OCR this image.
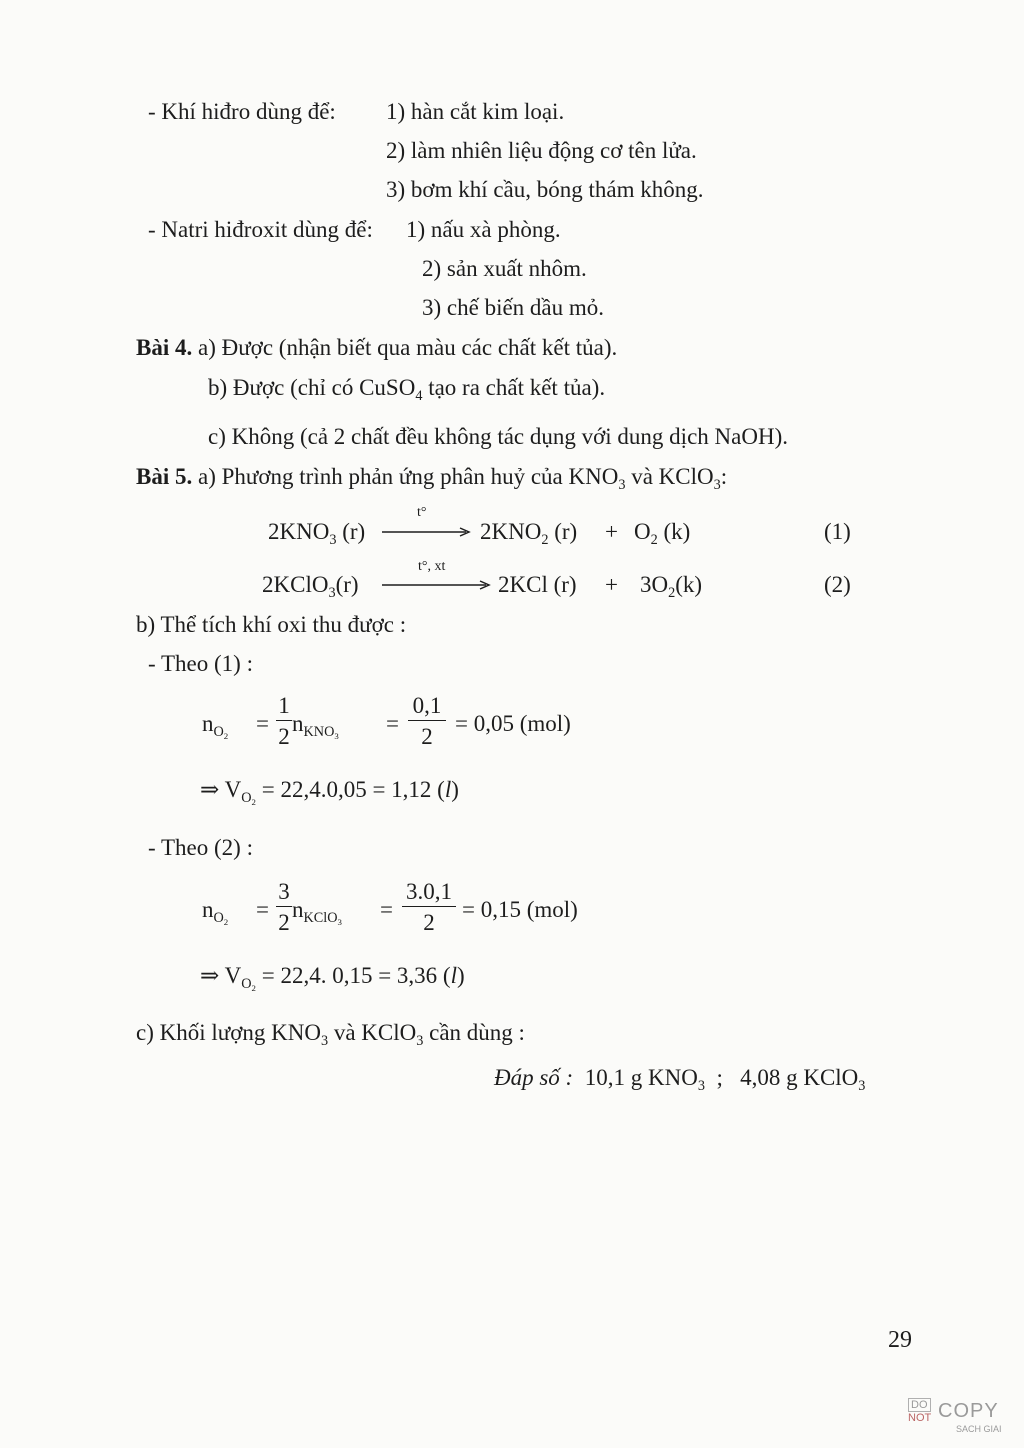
- Khí hiđro dùng để: 1) hàn cắt kim loại.
2) làm nhiên liệu động cơ tên lửa.
3) bơm khí cầu, bóng thám không.
- Natri hiđroxit dùng để: 1) nấu xà phòng.
2) sản xuất nhôm.
3) chế biến dầu mỏ.
Bài 4. a) Được (nhận biết qua màu các chất kết tủa).
b) Được (chỉ có CuSO$_4$ tạo ra chất kết tủa).
c) Không (cả 2 chất đều không tác dụng với dung dịch NaOH).
Bài 5. a) Phương trình phản ứng phân huỷ của $KNO_3$ và KClO$_3$:
$2KNO_3$ (r)
t°
$2KNO_2$ $(r) + O_2$ (k)	(1)
2KClO$_3$(r)
t°, xt
2KCl $(r) + 3O_2(k)$	(2)
b) Thể tích khí oxi thu được :
- Theo (1) :
$n_{O_2}$
= $\frac{1}{2} n_{KNO_3}$
= $\frac{0,1}{2} = 0,05$ (mol)
⇒ $V_{O_2} = 22,4.0,05 = 1,12$ (l)
- Theo (2) :
$n_{O_2}$
= $\frac{3}{2} n_{KClO_3}$
= $\frac{3.0,1}{2} = 0,15$ (mol)
⇒ $V_{O_2} = 22,4$. 0,15 = 3,36 (l)
c) Khối lượng $KNO_3$ và KClO$_3$ cần dùng :
Đáp số : 10,1 g $KNO_3$ ; 4,08 g KClO$_3$
29
DO
NOT COPY
SACH GIAI
